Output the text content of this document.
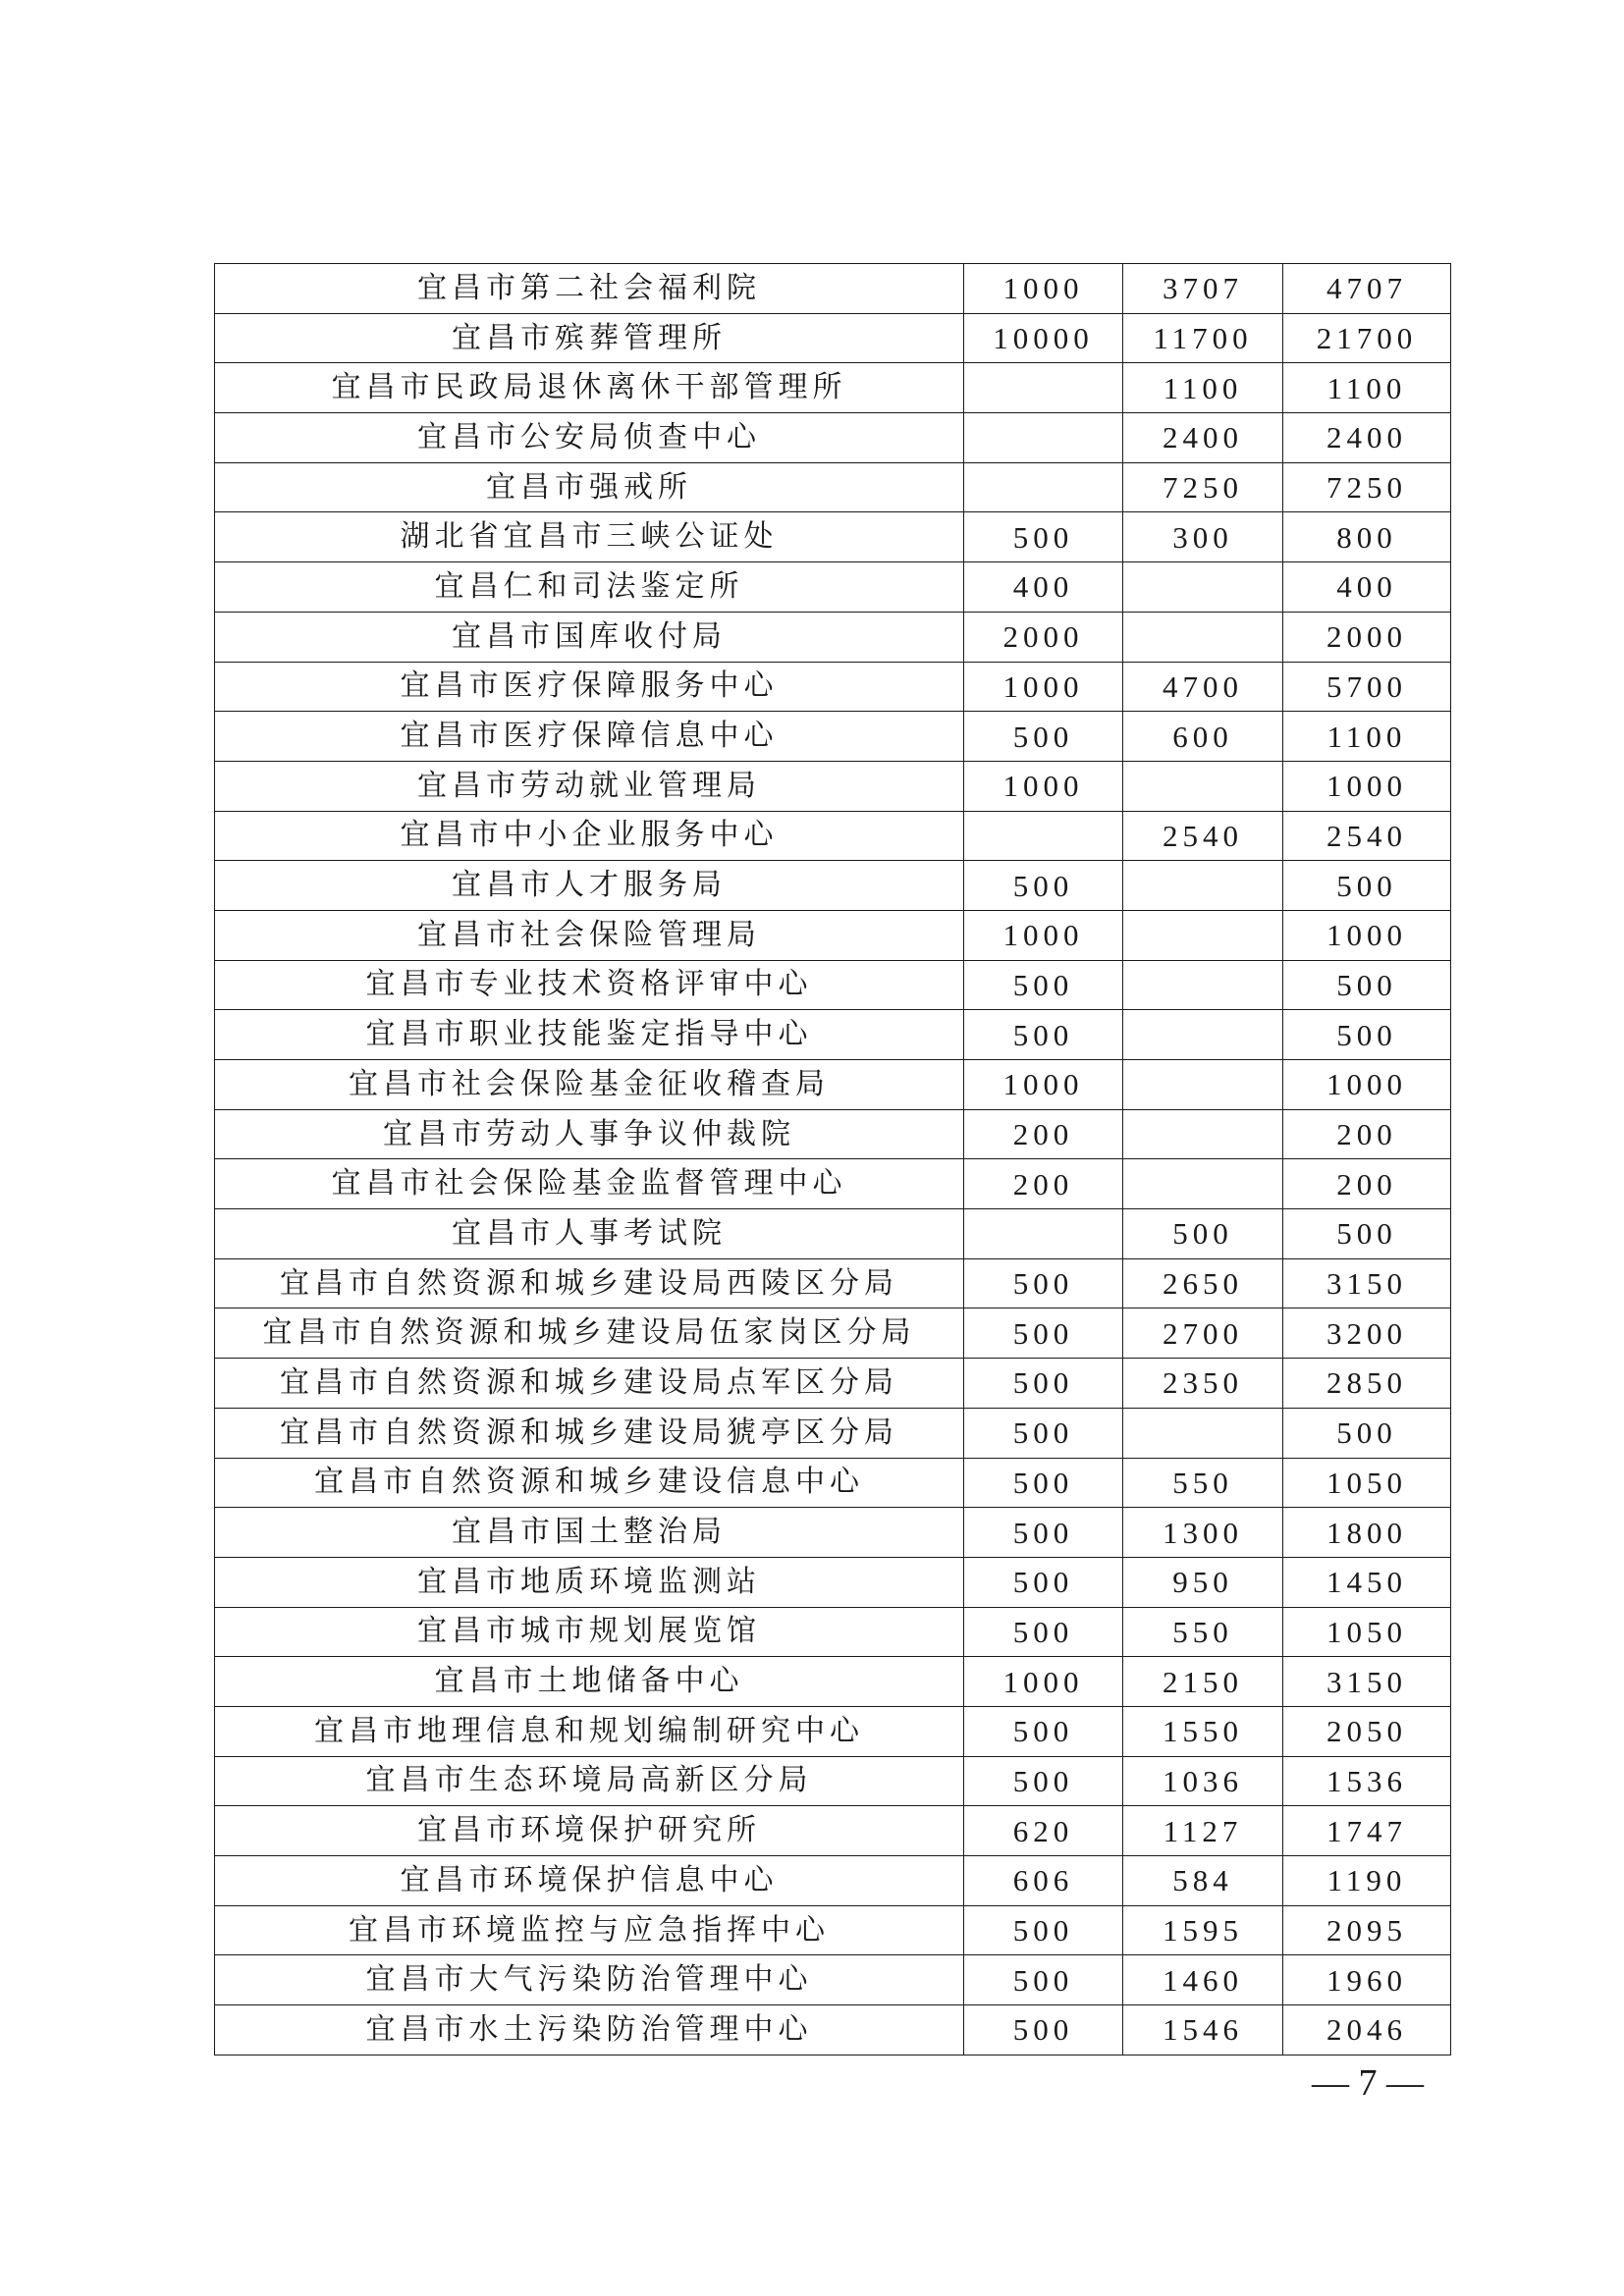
宜昌市第二社会福利院	1000	3707	4707
宜昌市殡葬管理所	10000	11700	21700
宜昌市民政局退休离休干部管理所		1100	1100
宜昌市公安局侦查中心		2400	2400
宜昌市强戒所		7250	7250
湖北省宜昌市三峡公证处	500	300	800
宜昌仁和司法鉴定所	400		400
宜昌市国库收付局	2000		2000
宜昌市医疗保障服务中心	1000	4700	5700
宜昌市医疗保障信息中心	500	600	1100
宜昌市劳动就业管理局	1000		1000
宜昌市中小企业服务中心		2540	2540
宜昌市人才服务局	500		500
宜昌市社会保险管理局	1000		1000
宜昌市专业技术资格评审中心	500		500
宜昌市职业技能鉴定指导中心	500		500
宜昌市社会保险基金征收稽查局	1000		1000
宜昌市劳动人事争议仲裁院	200		200
宜昌市社会保险基金监督管理中心	200		200
宜昌市人事考试院		500	500
宜昌市自然资源和城乡建设局西陵区分局	500	2650	3150
宜昌市自然资源和城乡建设局伍家岗区分局	500	2700	3200
宜昌市自然资源和城乡建设局点军区分局	500	2350	2850
宜昌市自然资源和城乡建设局猇亭区分局	500		500
宜昌市自然资源和城乡建设信息中心	500	550	1050
宜昌市国土整治局	500	1300	1800
宜昌市地质环境监测站	500	950	1450
宜昌市城市规划展览馆	500	550	1050
宜昌市土地储备中心	1000	2150	3150
宜昌市地理信息和规划编制研究中心	500	1550	2050
宜昌市生态环境局高新区分局	500	1036	1536
宜昌市环境保护研究所	620	1127	1747
宜昌市环境保护信息中心	606	584	1190
宜昌市环境监控与应急指挥中心	500	1595	2095
宜昌市大气污染防治管理中心	500	1460	1960
宜昌市水土污染防治管理中心	500	1546	2046
— 7 —
